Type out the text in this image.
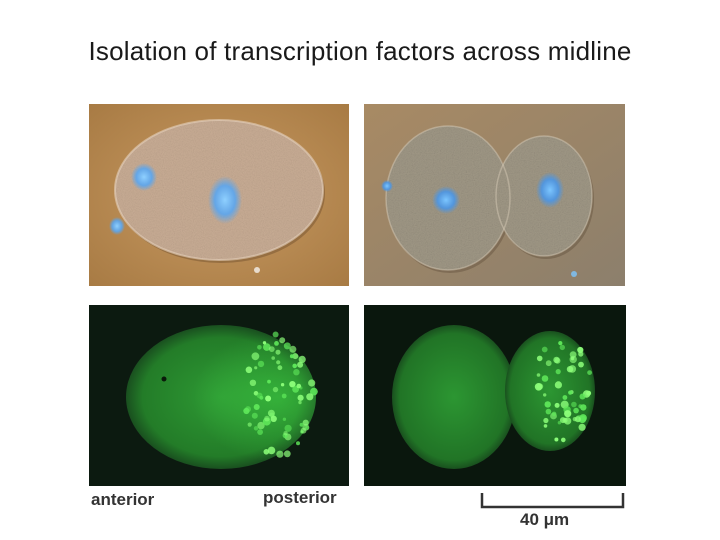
Isolation of transcription factors across midline
anterior	posterior
40 μm
